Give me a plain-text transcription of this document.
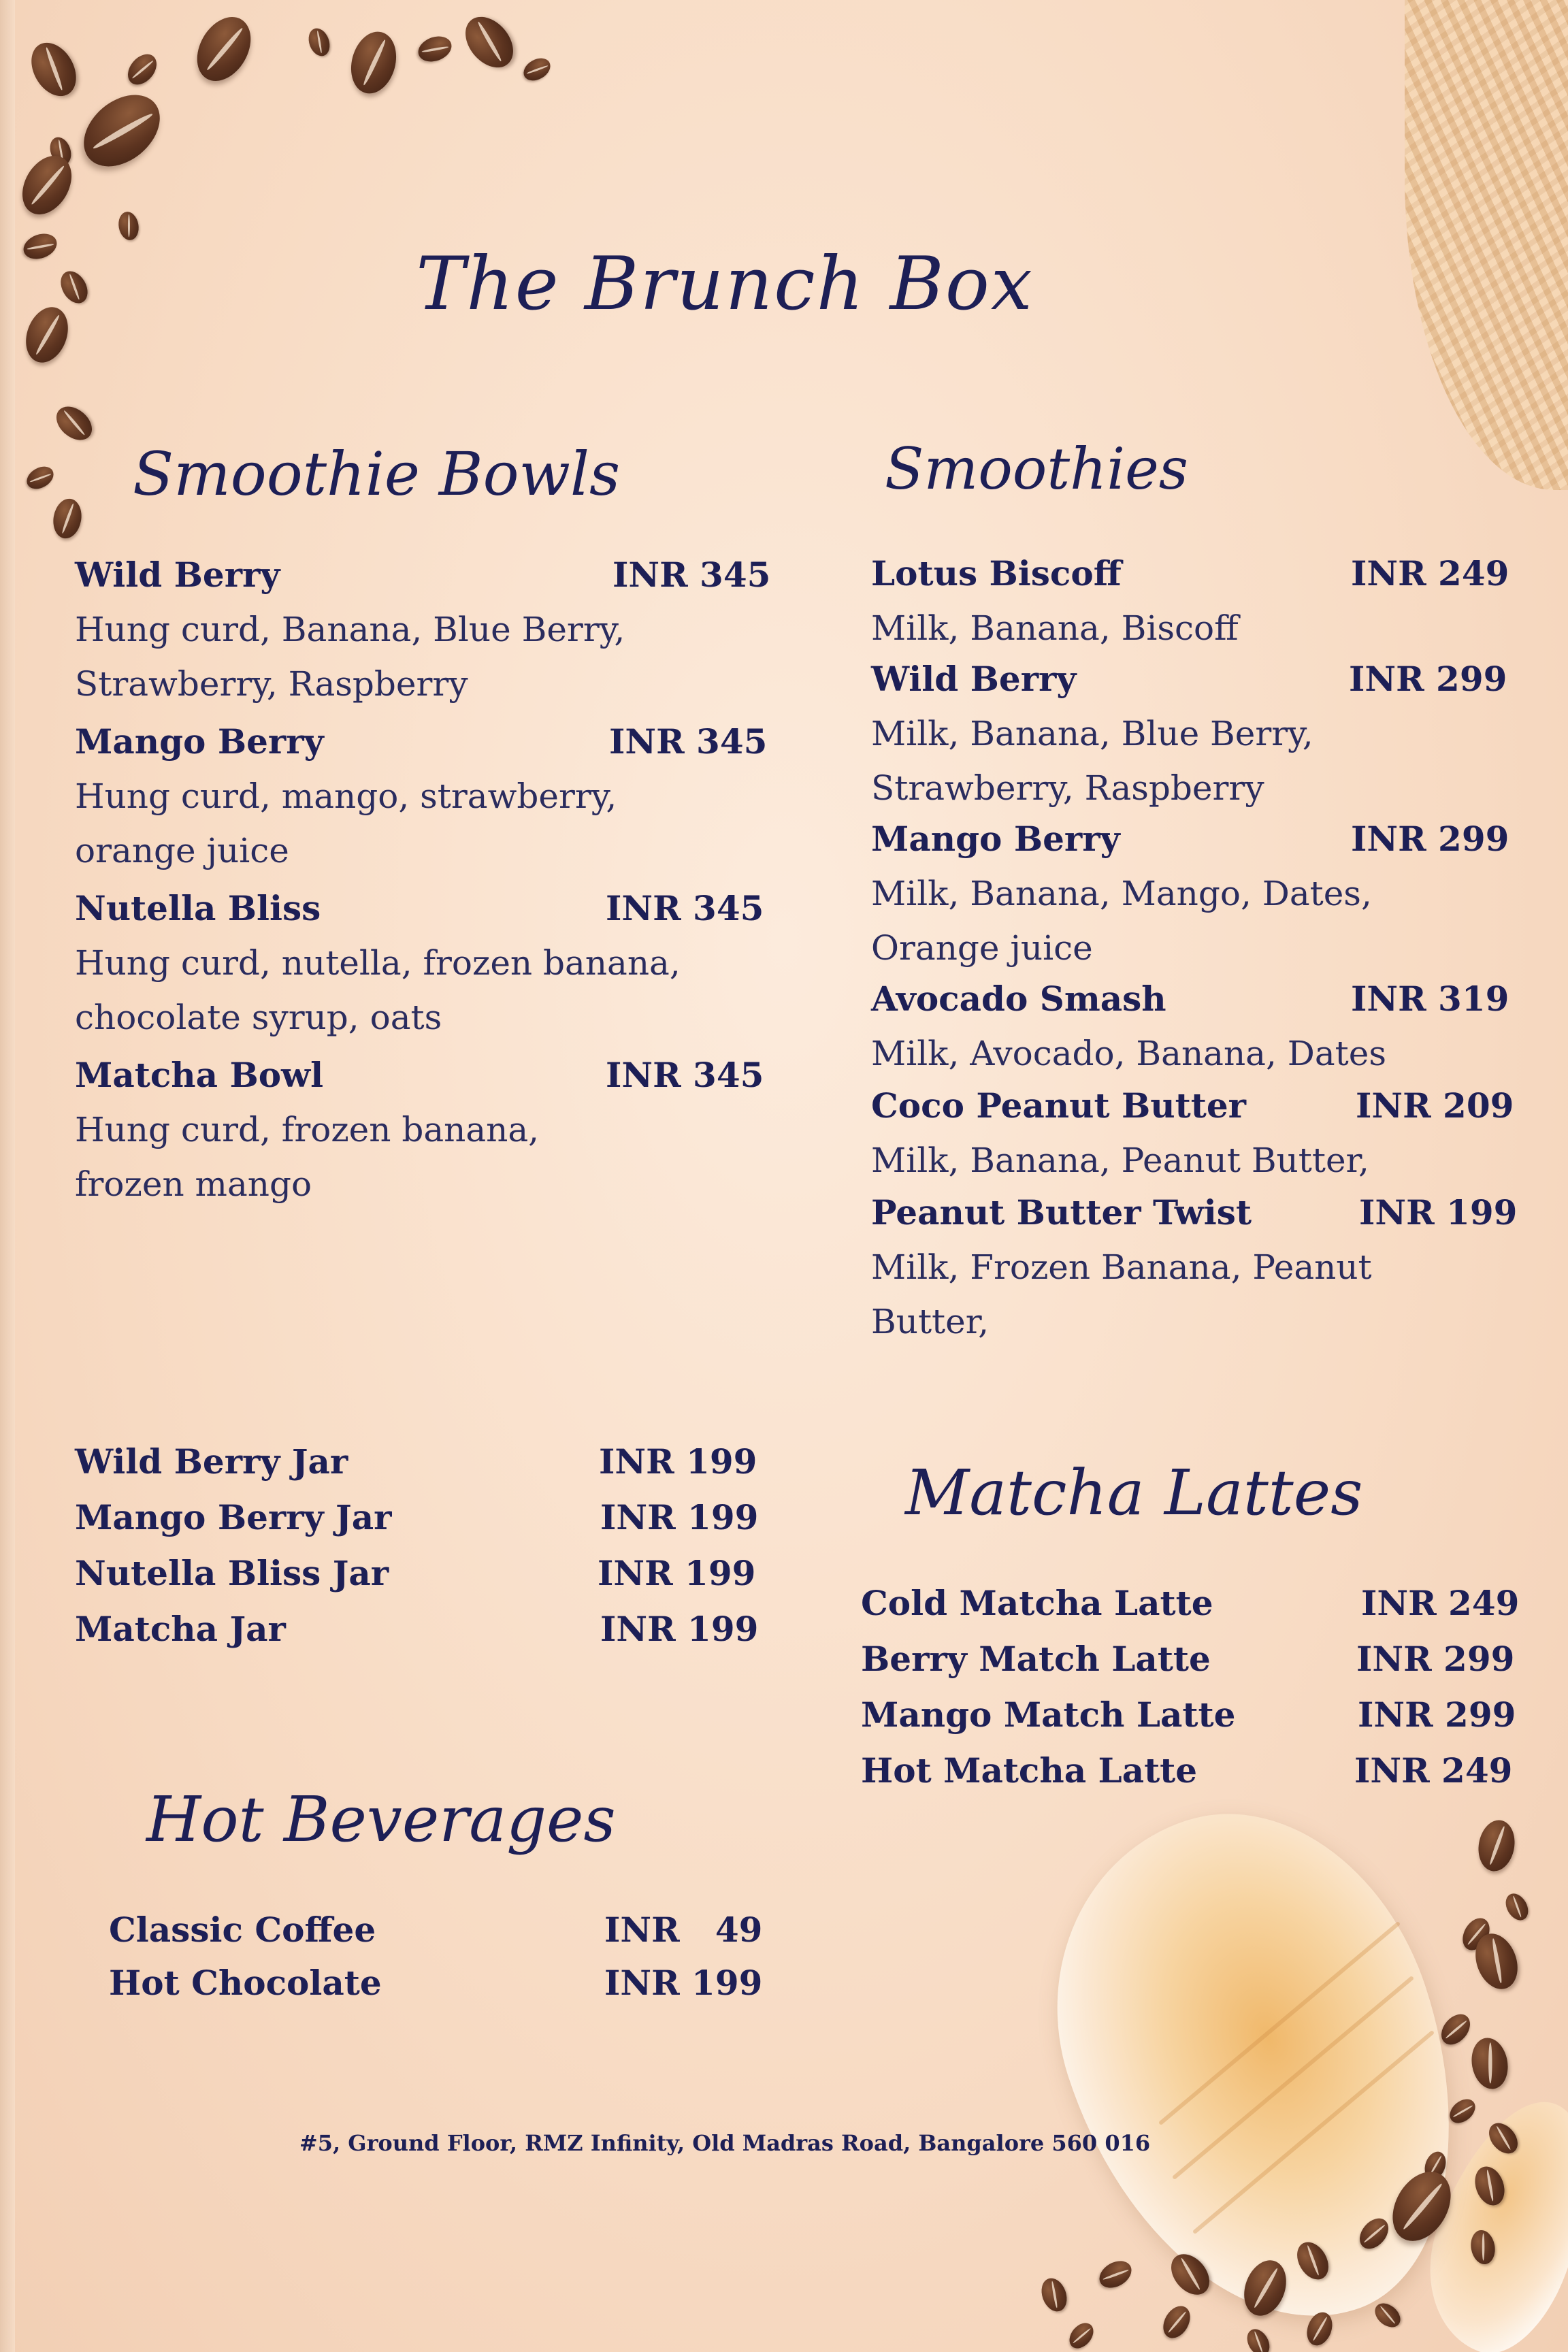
The Brunch Box
Smoothie Bowls	Smoothies
Matcha Lattes
Hot Beverages
Wild Berry	INR 345
Hung curd, Banana, Blue Berry,
Strawberry, Raspberry
Mango Berry	INR 345
Hung curd, mango, strawberry,
orange juice
Nutella Bliss	INR 345
Hung curd, nutella, frozen banana,
chocolate syrup, oats
Matcha Bowl	INR 345
Hung curd, frozen banana,
frozen mango
Lotus Biscoff	INR 249
Milk, Banana, Biscoff
Wild Berry	INR 299
Milk, Banana, Blue Berry,
Strawberry, Raspberry
Mango Berry	INR 299
Milk, Banana, Mango, Dates,
Orange juice
Avocado Smash	INR 319
Milk, Avocado, Banana, Dates
Coco Peanut Butter	INR 209
Milk, Banana, Peanut Butter,
Peanut Butter Twist	INR 199
Milk, Frozen Banana, Peanut
Butter,
Wild Berry Jar	INR 199
Mango Berry Jar	INR 199
Nutella Bliss Jar	INR 199
Matcha Jar	INR 199
Cold Matcha Latte	INR 249
Berry Match Latte	INR 299
Mango Match Latte	INR 299
Hot Matcha Latte	INR 249
Classic Coffee	INR   49
Hot Chocolate	INR 199
#5, Ground Floor, RMZ Infinity, Old Madras Road, Bangalore 560 016
